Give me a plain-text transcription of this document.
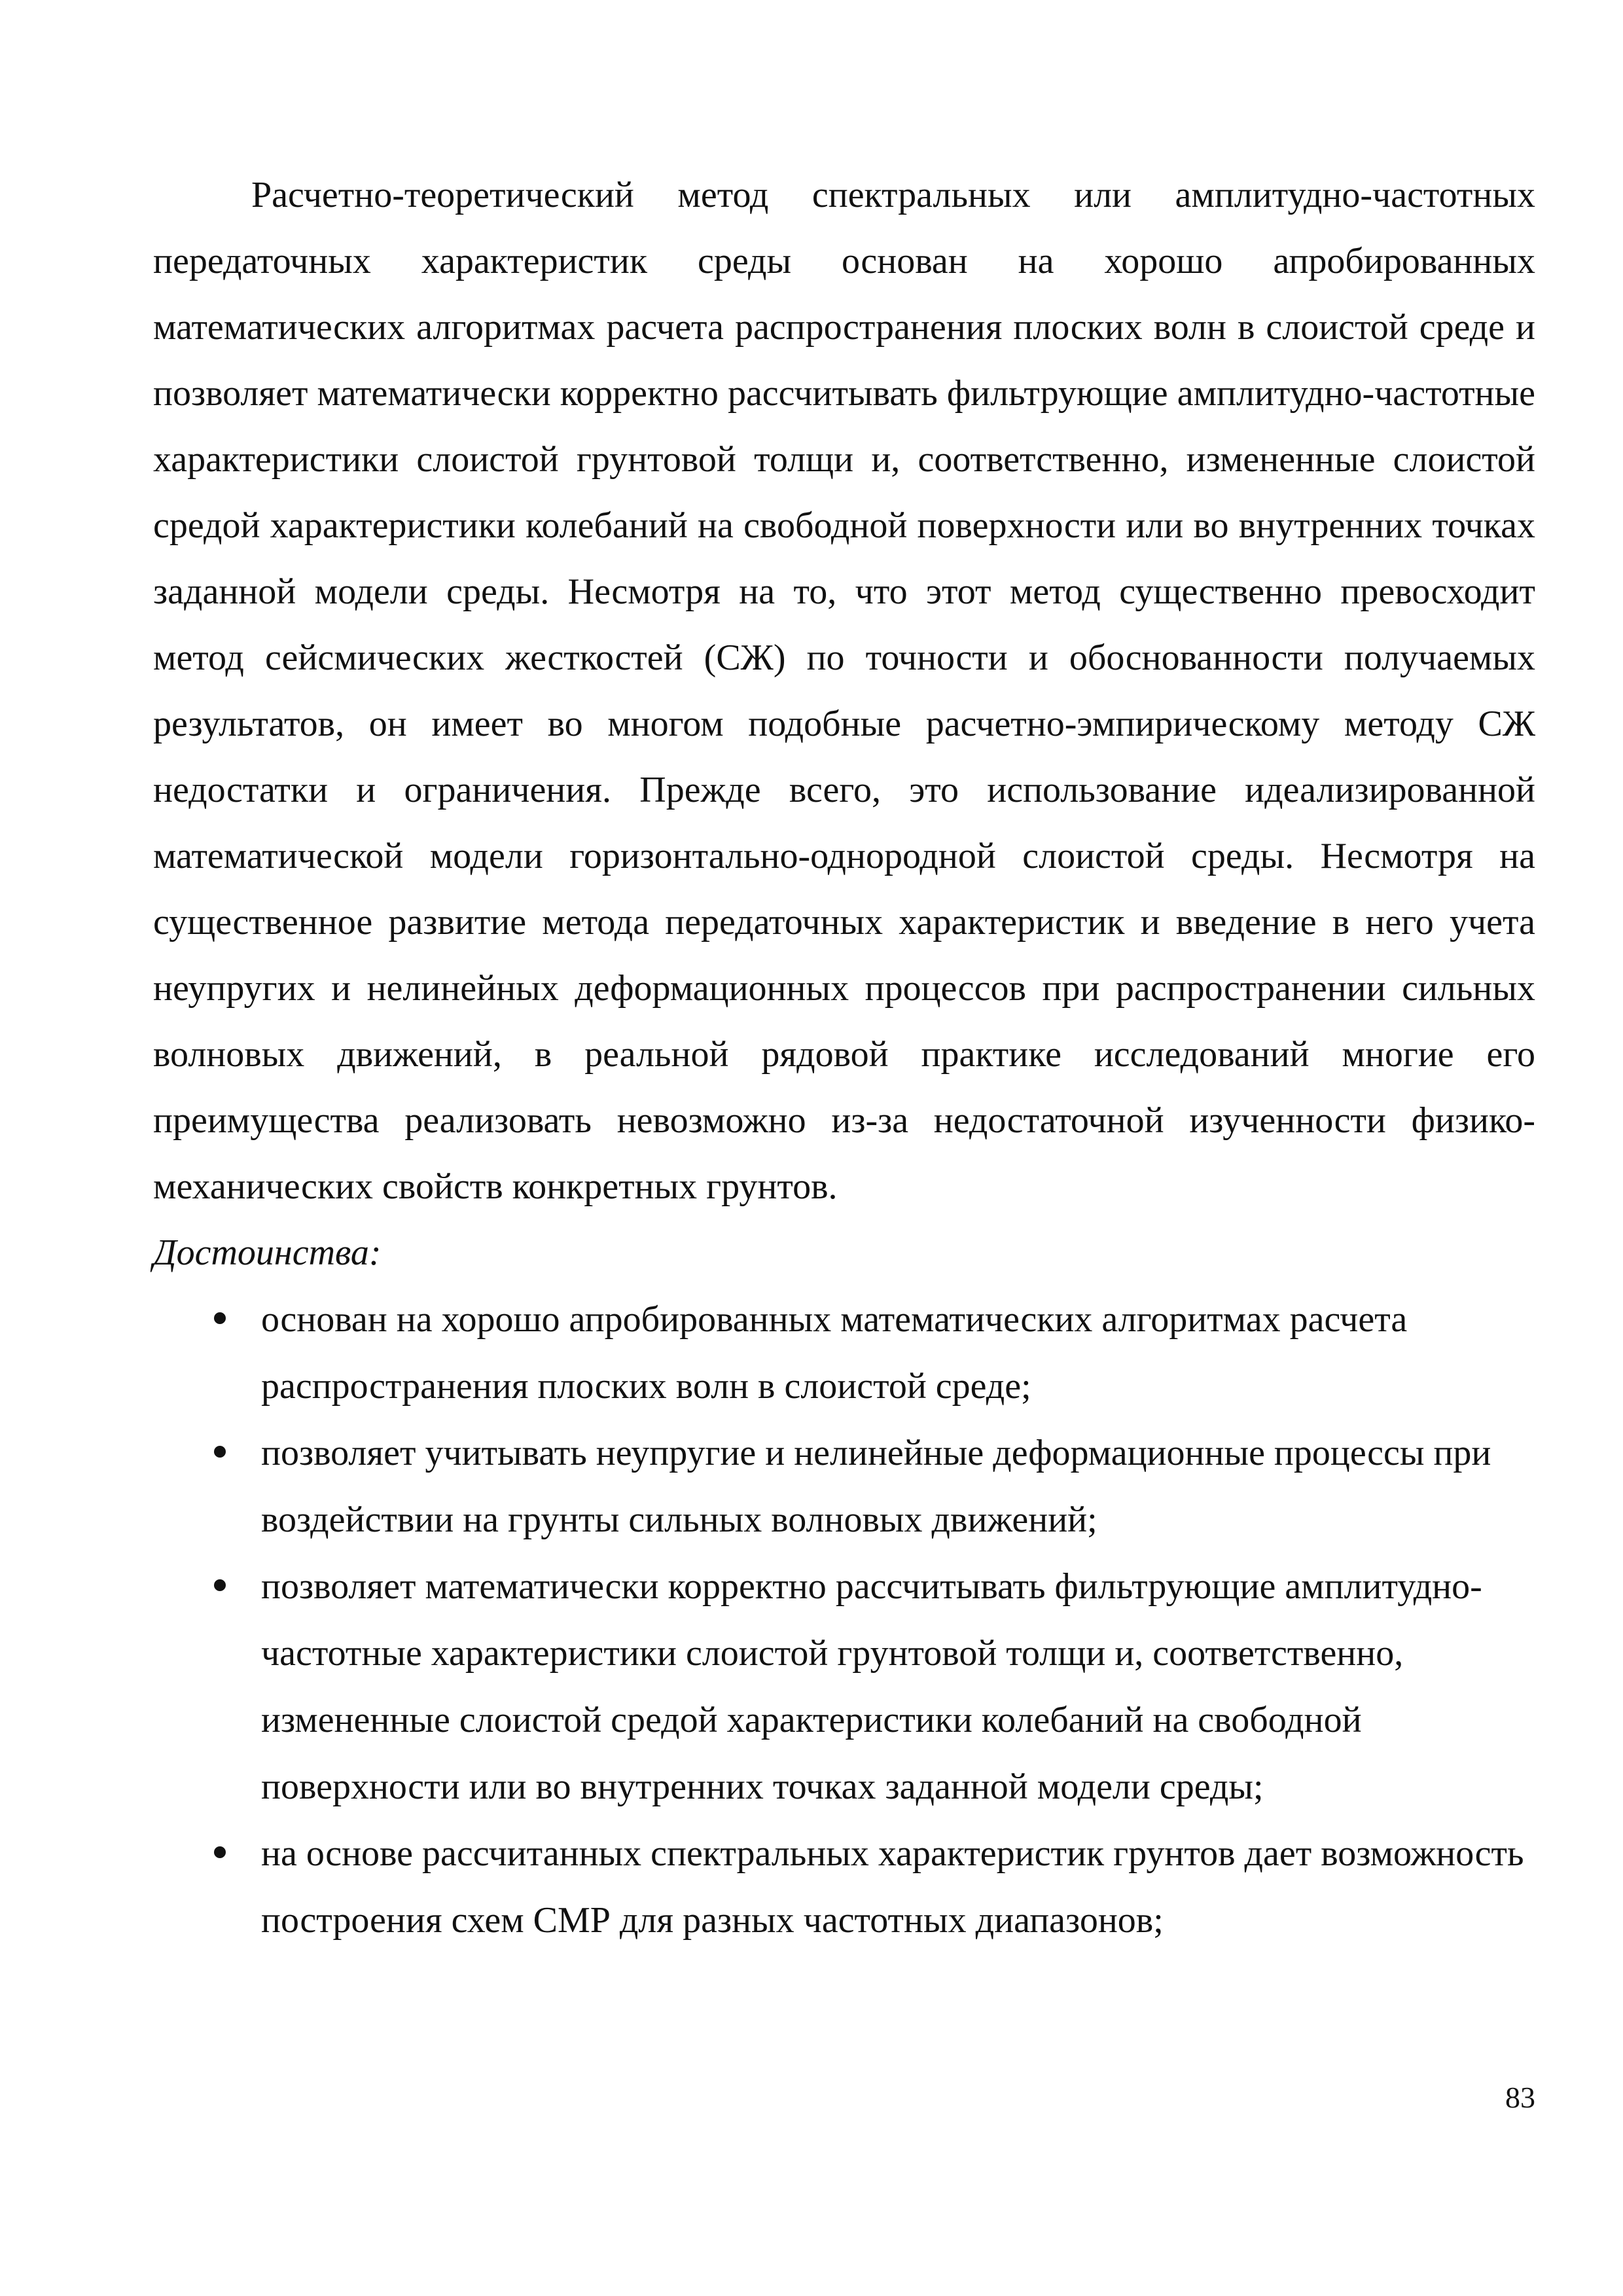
Расчетно-теоретический метод спектральных или амплитудно-частотных передаточных характеристик среды основан на хорошо апробированных математических алгоритмах расчета распространения плоских волн в слоистой среде и позволяет математически корректно рассчитывать фильтрующие амплитудно-частотные характеристики слоистой грунтовой толщи и, соответственно, измененные слоистой средой характеристики колебаний на свободной поверхности или во внутренних точках заданной модели среды. Несмотря на то, что этот метод существенно превосходит метод сейсмических жесткостей (СЖ) по точности и обоснованности получаемых результатов, он имеет во многом подобные расчетно-эмпирическому методу СЖ недостатки и ограничения. Прежде всего, это использование идеализированной математической модели горизонтально-однородной слоистой среды. Несмотря на существенное развитие метода передаточных характеристик и введение в него учета неупругих и нелинейных деформационных процессов при распространении сильных волновых движений, в реальной рядовой практике исследований многие его преимущества реализовать невозможно из-за недостаточной изученности физико-механических свойств конкретных грунтов.

Достоинства:

основан на хорошо апробированных математических алгоритмах расчета распространения плоских волн в слоистой среде;
позволяет учитывать неупругие и нелинейные деформационные процессы при воздействии на грунты сильных волновых движений;
позволяет математически корректно рассчитывать фильтрующие амплитудно-частотные характеристики слоистой грунтовой толщи и, соответственно, измененные слоистой средой характеристики колебаний на свободной поверхности или во внутренних точках заданной модели среды;
на основе рассчитанных спектральных характеристик грунтов дает возможность построения схем СМР для разных частотных диапазонов;
83
